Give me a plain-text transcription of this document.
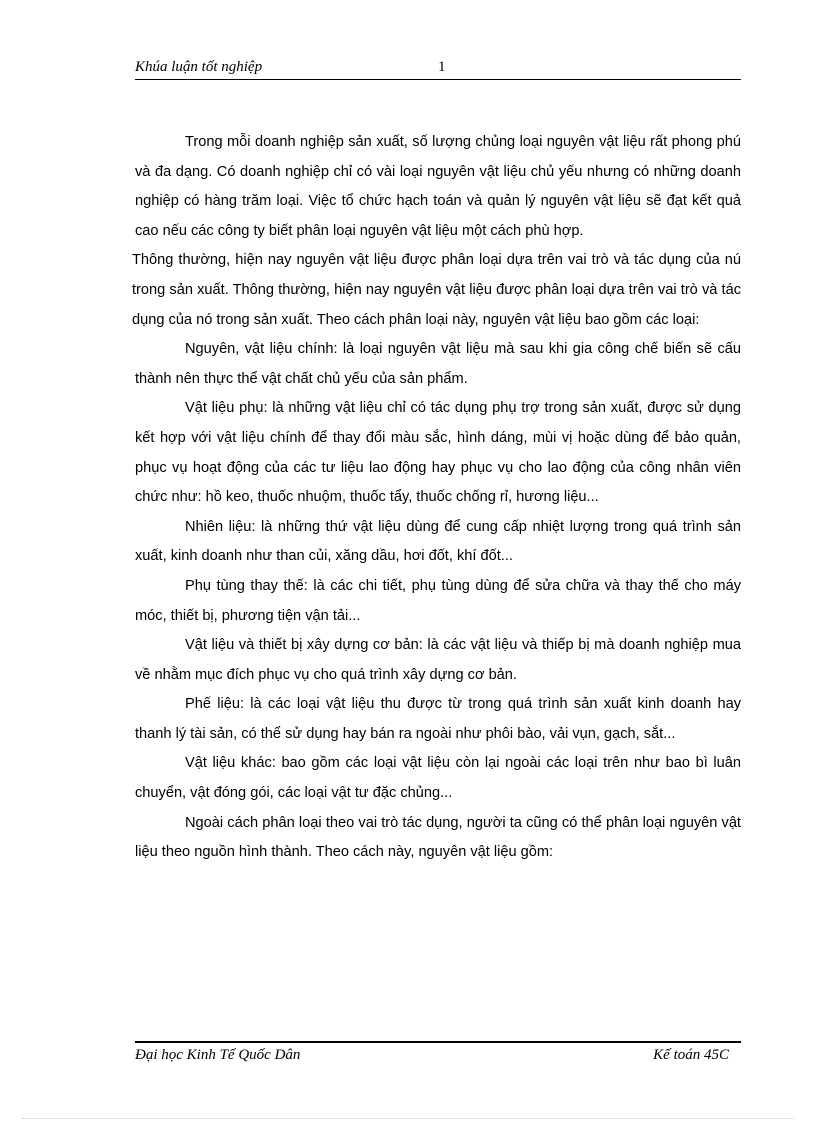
Khúa luận tốt nghiệp	1

Trong mỗi doanh nghiệp sản xuất, số lượng chủng loại nguyên vật liệu rất phong phú và đa dạng. Có doanh nghiệp chỉ có vài loại nguyên vật liệu chủ yếu nhưng có những doanh nghiệp có hàng trăm loại. Việc tổ chức hạch toán và quản lý nguyên vật liệu sẽ đạt kết quả cao nếu các công ty biết phân loại nguyên vật liệu một cách phù hợp.

Thông thường, hiện nay nguyên vật liệu được phân loại dựa trên vai trò và tác dụng của nú trong sản xuất. Thông thường, hiện nay nguyên vật liệu được phân loại dựa trên vai trò và tác dụng của nó trong sản xuất. Theo cách phân loại này, nguyên vật liệu bao gồm các loại:

Nguyên, vật liệu chính: là loại nguyên vật liệu mà sau khi gia công chế biến sẽ cấu thành nên thực thể vật chất chủ yếu của sản phẩm.

Vật liệu phụ: là những vật liệu chỉ có tác dụng phụ trợ trong sản xuất, được sử dụng kết hợp với vật liệu chính để thay đổi màu sắc, hình dáng, mùi vị hoặc dùng để bảo quản, phục vụ hoạt động của các tư liệu lao động hay phục vụ cho lao động của công nhân viên chức như: hồ keo, thuốc nhuộm, thuốc tẩy, thuốc chống rỉ, hương liệu...

Nhiên liệu: là những thứ vật liệu dùng để cung cấp nhiệt lượng trong quá trình sản xuất, kinh doanh như than củi, xăng dầu, hơi đốt, khí đốt...

Phụ tùng thay thế: là các chi tiết, phụ tùng dùng để sửa chữa và thay thế cho máy móc, thiết bị, phương tiện vận tải...

Vật liệu và thiết bị xây dựng cơ bản: là các vật liệu và thiếp bị mà doanh nghiệp mua về nhằm mục đích phục vụ cho quá trình xây dựng cơ bản.

Phế liệu: là các loại vật liệu thu được từ trong quá trình sản xuất kinh doanh hay thanh lý tài sản, có thể sử dụng hay bán ra ngoài như phôi bào, vải vụn, gạch, sắt...

Vật liệu khác: bao gồm các loại vật liệu còn lại ngoài các loại trên như bao bì luân chuyển, vật đóng gói, các loại vật tư đặc chủng...

Ngoài cách phân loại theo vai trò tác dụng, người ta cũng có thể phân loại nguyên vật liệu theo nguồn hình thành. Theo cách này, nguyên vật liệu gồm:

Đại học Kinh Tế Quốc Dân	Kế toán 45C
